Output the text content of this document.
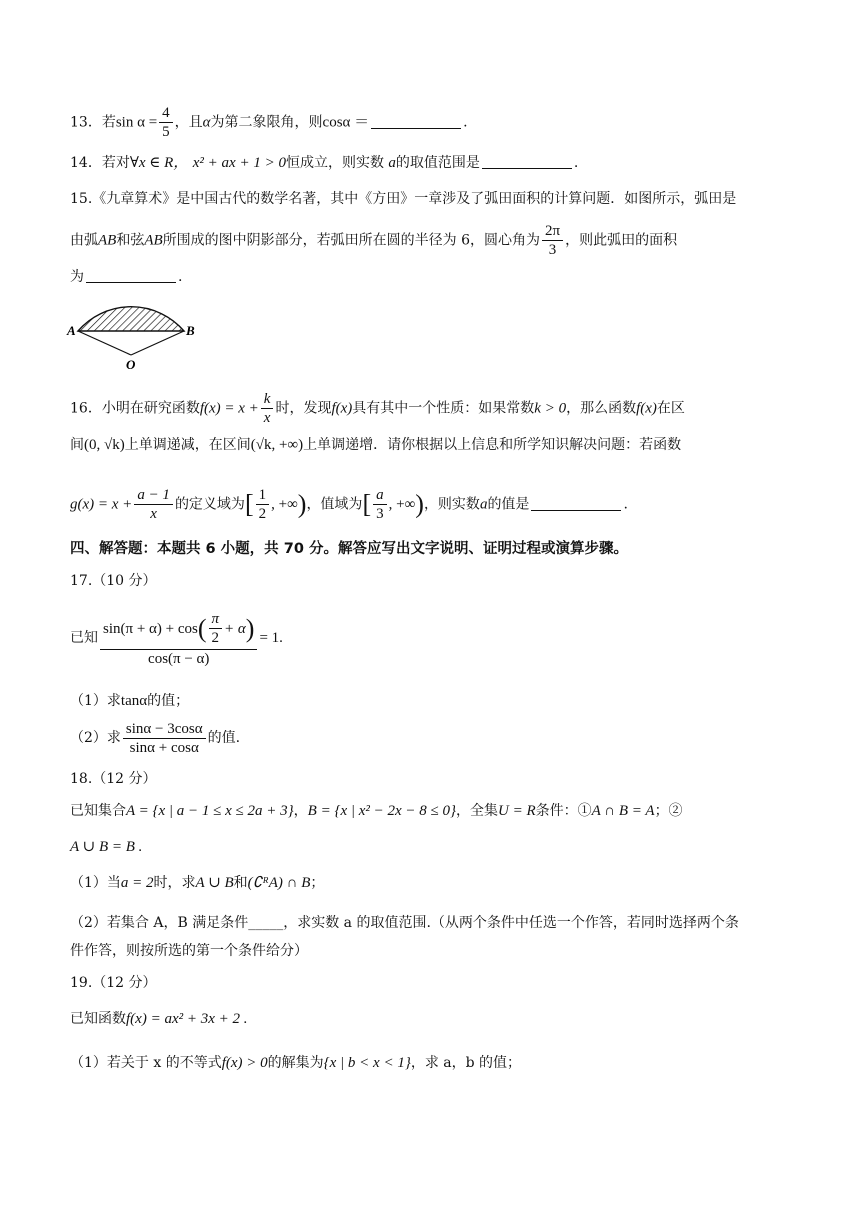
13．若$\sin \alpha = \frac{4}{5}$ ，且α为第二象限角，则cosα ＝	.
14．若对∀x ∈ R， x² + ax + 1 > 0恒成立，则实数 a的取值范围是	.
15.《九章算术》是中国古代的数学名著，其中《方田》一章涉及了弧田面积的计算问题．如图所示，弧田是
由弧AB和弦AB所围成的图中阴影部分，若弧田所在圆的半径为 6，圆心角为 $\frac{2\pi}{3}$ ，则此弧田的面积
为	.
A	B
O
16．小明在研究函数$f(x) = x + \frac{k}{x}$ 时，发现f(x)具有其中一个性质：如果常数k > 0，那么函数f(x)在区
间(0, √k)上单调递减，在区间(√k, +∞)上单调递增．请你根据以上信息和所学知识解决问题：若函数
$g(x) = x + \frac{a - 1}{x}$ 的定义域为[ $\frac{1}{2}$ , +∞)，值域为[ $\frac{a}{3}$ , +∞)，则实数a的值是	.
四、解答题：本题共 6 小题，共 70 分。解答应写出文字说明、证明过程或演算步骤。
17.（10 分）
已知 $\frac{\sin(\pi + \alpha) + \cos ( \frac{\pi}{2} + \alpha )}{\cos(\pi - \alpha)} = 1$.
（1）求tanα的值；
（2）求 $\frac{\sin\alpha - 3\cos\alpha}{\sin\alpha + \cos\alpha}$ 的值.
18.（12 分）
已知集合A = {x | a − 1 ≤ x ≤ 2a + 3}，B = {x | x² − 2x − 8 ≤ 0}，全集U = R条件：①A ∩ B = A；②
A ∪ B = B .
（1）当a = 2时，求A ∪ B和(∁ᴿA) ∩ B；
（2）若集合 A，B 满足条件_____，求实数 a 的取值范围.（从两个条件中任选一个作答，若同时选择两个条
件作答，则按所选的第一个条件给分）
19.（12 分）
已知函数f(x) = ax² + 3x + 2 .
（1）若关于 x 的不等式f(x) > 0的解集为{x | b < x < 1}，求 a，b 的值；
